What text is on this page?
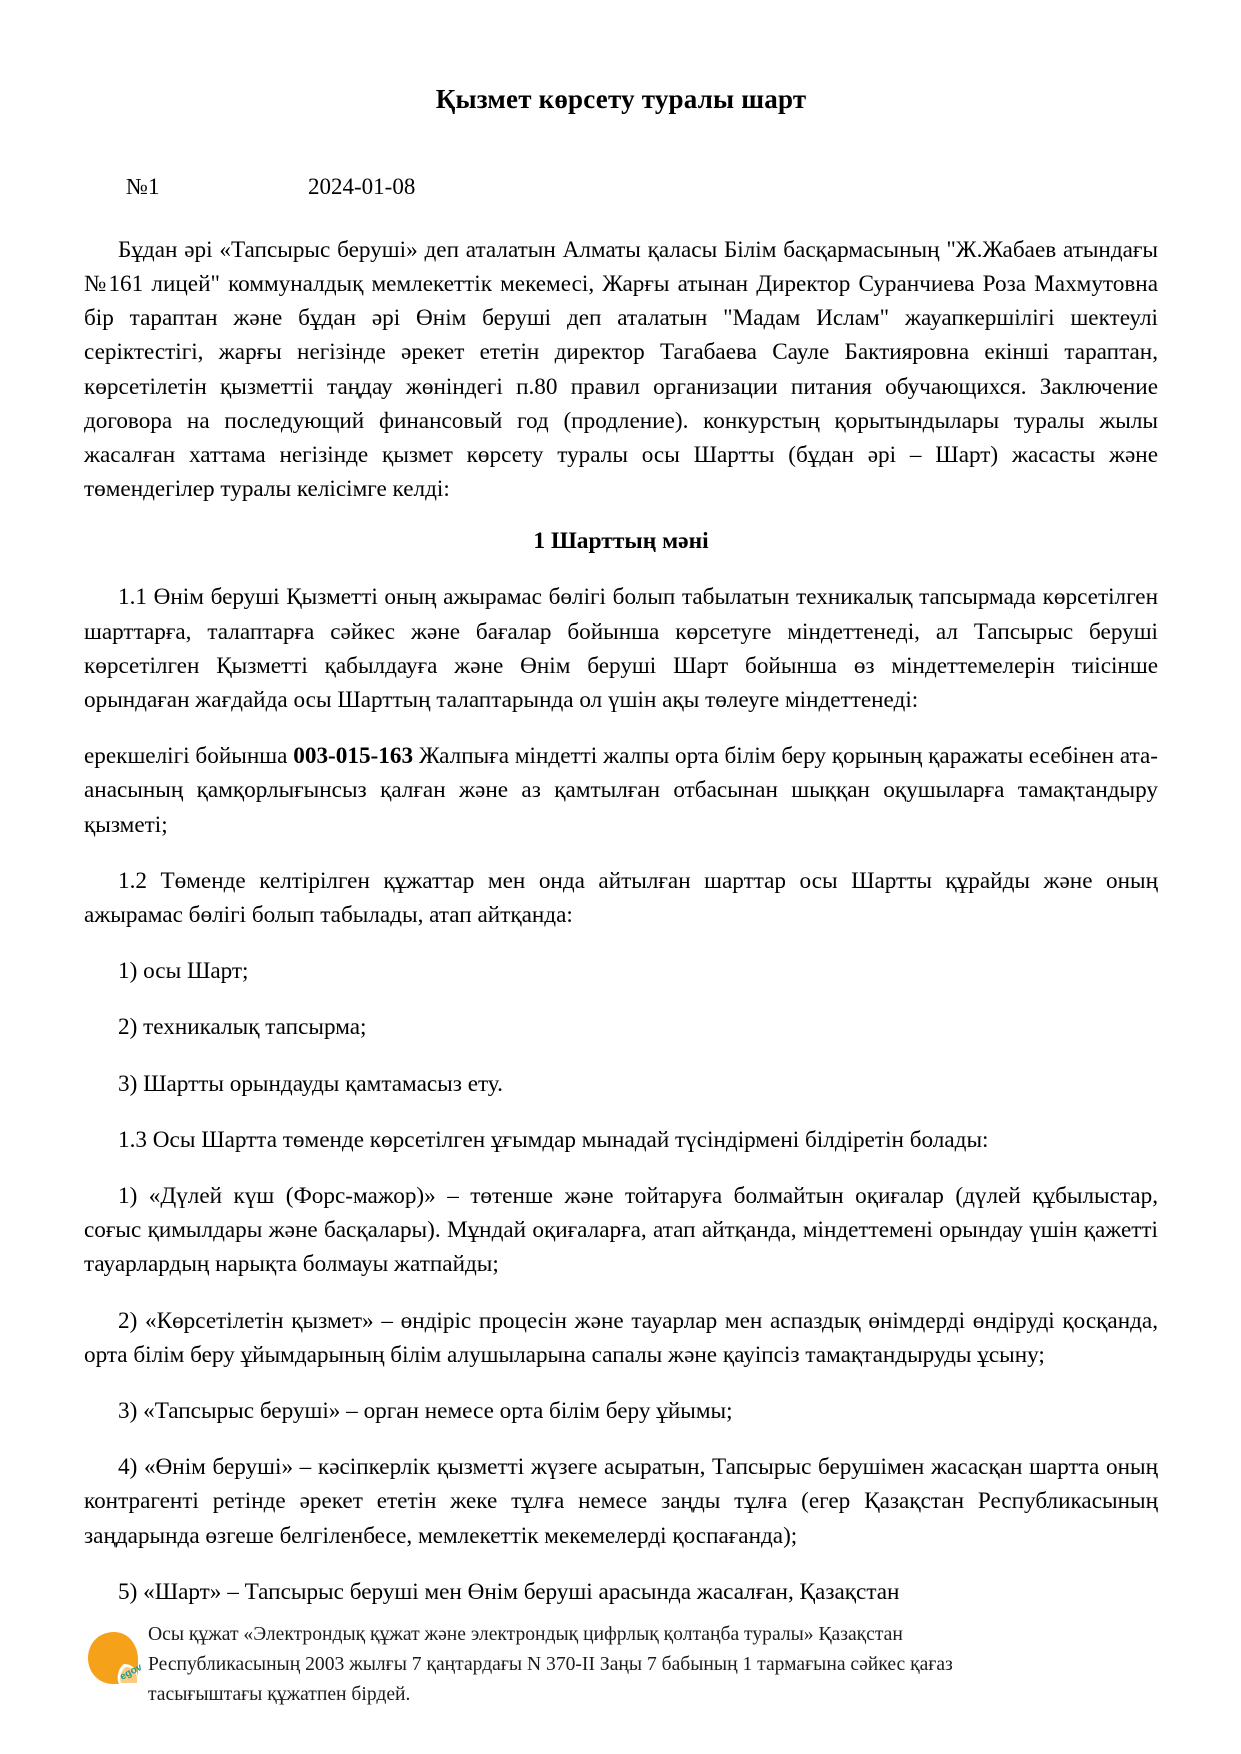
Қызмет көрсету туралы шарт
№1	2024-01-08

Бұдан әрі «Тапсырыс беруші» деп аталатын Алматы қаласы Білім басқармасының "Ж.Жабаев атындағы №161 лицей" коммуналдық мемлекеттік мекемесі, Жарғы атынан Директор Суранчиева Роза Махмутовна бір тараптан және бұдан әрі Өнім беруші деп аталатын "Мадам Ислам" жауапкершілігі шектеулі серіктестігі, жарғы негізінде әрекет ететін директор Тагабаева Сауле Бактияровна екінші тараптан, көрсетілетін қызметтіі таңдау жөніндегі п.80 правил организации питания обучающихся. Заключение договора на последующий финансовый год (продление). конкурстың қорытындылары туралы жылы жасалған хаттама негізінде қызмет көрсету туралы осы Шартты (бұдан әрі – Шарт) жасасты және төмендегілер туралы келісімге келді:

1 Шарттың мәні

1.1 Өнім беруші Қызметті оның ажырамас бөлігі болып табылатын техникалық тапсырмада көрсетілген шарттарға, талаптарға сәйкес және бағалар бойынша көрсетуге міндеттенеді, ал Тапсырыс беруші көрсетілген Қызметті қабылдауға және Өнім беруші Шарт бойынша өз міндеттемелерін тиісінше орындаған жағдайда осы Шарттың талаптарында ол үшін ақы төлеуге міндеттенеді:

ерекшелігі бойынша 003-015-163 Жалпыға міндетті жалпы орта білім беру қорының қаражаты есебінен ата-анасының қамқорлығынсыз қалған және аз қамтылған отбасынан шыққан оқушыларға тамақтандыру қызметі;

1.2 Төменде келтірілген құжаттар мен онда айтылған шарттар осы Шартты құрайды және оның ажырамас бөлігі болып табылады, атап айтқанда:

1) осы Шарт;

2) техникалық тапсырма;

3) Шартты орындауды қамтамасыз ету.

1.3 Осы Шартта төменде көрсетілген ұғымдар мынадай түсіндірмені білдіретін болады:

1) «Дүлей күш (Форс-мажор)» – төтенше және тойтаруға болмайтын оқиғалар (дүлей құбылыстар, соғыс қимылдары және басқалары). Мұндай оқиғаларға, атап айтқанда, міндеттемені орындау үшін қажетті тауарлардың нарықта болмауы жатпайды;

2) «Көрсетілетін қызмет» – өндіріс процесін және тауарлар мен аспаздық өнімдерді өндіруді қосқанда, орта білім беру ұйымдарының білім алушыларына сапалы және қауіпсіз тамақтандыруды ұсыну;

3) «Тапсырыс беруші» – орган немесе орта білім беру ұйымы;

4) «Өнім беруші» – кәсіпкерлік қызметті жүзеге асыратын, Тапсырыс берушімен жасасқан шартта оның контрагенті ретінде әрекет ететін жеке тұлға немесе заңды тұлға (егер Қазақстан Республикасының заңдарында өзгеше белгіленбесе, мемлекеттік мекемелерді қоспағанда);

5) «Шарт» – Тапсырыс беруші мен Өнім беруші арасында жасалған, Қазақстан

egov
Осы құжат «Электрондық құжат және электрондық цифрлық қолтаңба туралы» Қазақстан
Республикасының 2003 жылғы 7 қаңтардағы N 370-II Заңы 7 бабының 1 тармағына сәйкес қағаз
тасығыштағы құжатпен бірдей.
